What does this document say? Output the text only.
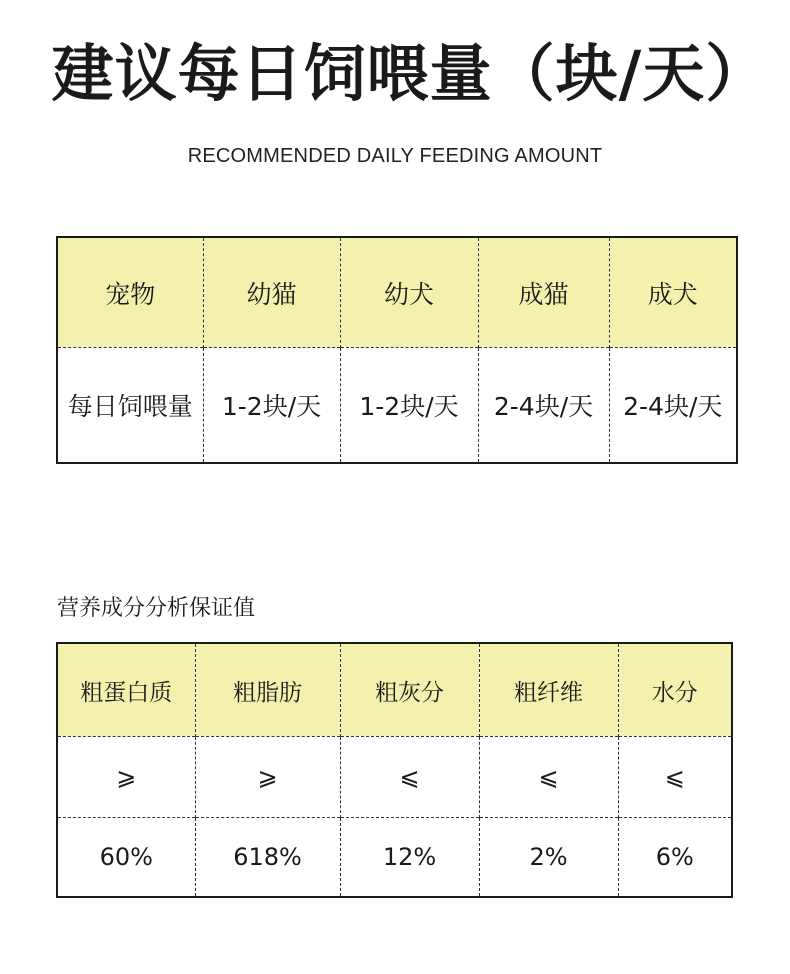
建议每日饲喂量（块/天）
RECOMMENDED DAILY FEEDING AMOUNT
宠物	幼猫	幼犬	成猫	成犬
每日饲喂量	1-2块/天	1-2块/天	2-4块/天	2-4块/天
营养成分分析保证值
粗蛋白质	粗脂肪	粗灰分	粗纤维	水分
⩾	⩾	⩽	⩽	⩽
60%	618%	12%	2%	6%
